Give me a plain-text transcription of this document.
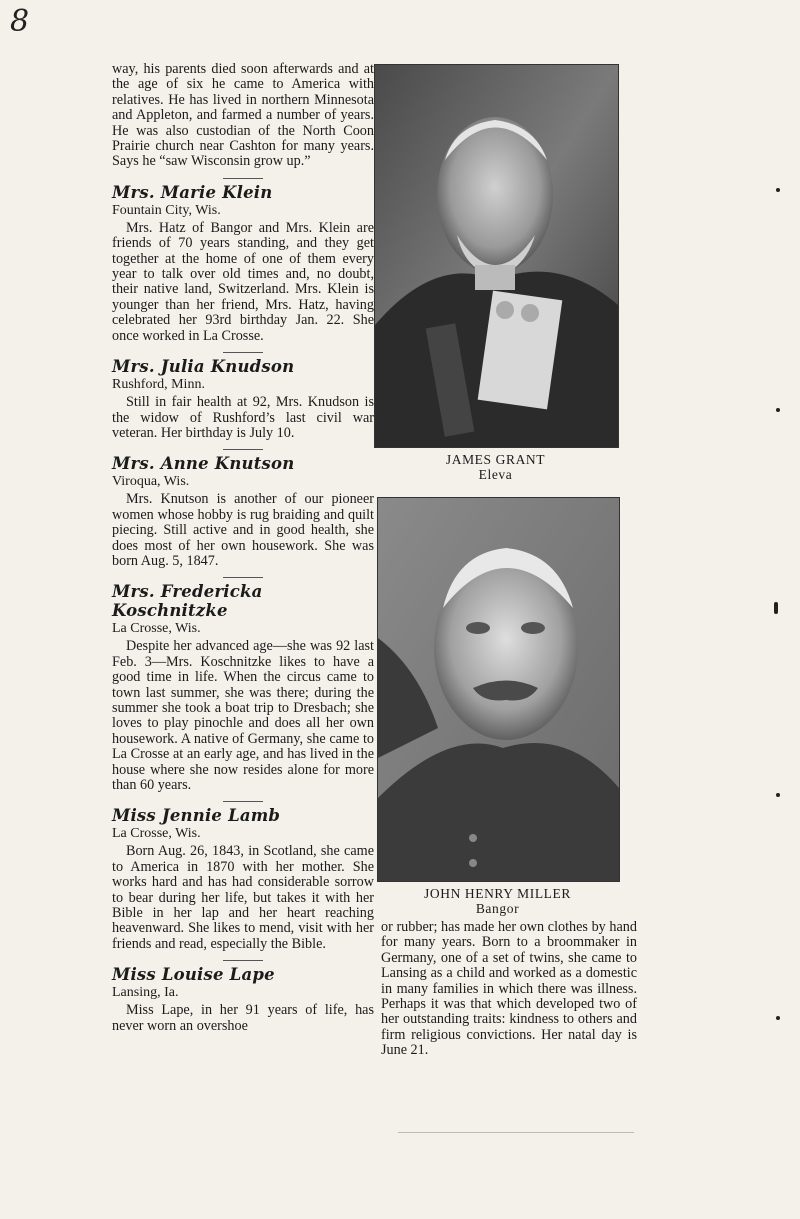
8

way, his parents died soon afterwards and at the age of six he came to America with relatives. He has lived in northern Minnesota and Appleton, and farmed a number of years. He was also custodian of the North Coon Prairie church near Cashton for many years. Says he “saw Wisconsin grow up.”

Mrs. Marie Klein
Fountain City, Wis.

Mrs. Hatz of Bangor and Mrs. Klein are friends of 70 years standing, and they get together at the home of one of them every year to talk over old times and, no doubt, their native land, Switzerland. Mrs. Klein is younger than her friend, Mrs. Hatz, having celebrated her 93rd birthday Jan. 22. She once worked in La Crosse.

Mrs. Julia Knudson
Rushford, Minn.

Still in fair health at 92, Mrs. Knudson is the widow of Rushford’s last civil war veteran. Her birthday is July 10.

Mrs. Anne Knutson
Viroqua, Wis.

Mrs. Knutson is another of our pioneer women whose hobby is rug braiding and quilt piecing. Still active and in good health, she does most of her own housework. She was born Aug. 5, 1847.

Mrs. Fredericka Koschnitzke
La Crosse, Wis.

Despite her advanced age—she was 92 last Feb. 3—Mrs. Koschnitzke likes to have a good time in life. When the circus came to town last summer, she was there; during the summer she took a boat trip to Dresbach; she loves to play pinochle and does all her own housework. A native of Germany, she came to La Crosse at an early age, and has lived in the house where she now resides alone for more than 60 years.

Miss Jennie Lamb
La Crosse, Wis.

Born Aug. 26, 1843, in Scotland, she came to America in 1870 with her mother. She works hard and has had considerable sorrow to bear during her life, but takes it with her Bible in her lap and her heart reaching heavenward. She likes to mend, visit with her friends and read, especially the Bible.

Miss Louise Lape
Lansing, Ia.

Miss Lape, in her 91 years of life, has never worn an overshoe

JAMES GRANT
Eleva
JOHN HENRY MILLER
Bangor

or rubber; has made her own clothes by hand for many years. Born to a broommaker in Germany, one of a set of twins, she came to Lansing as a child and worked as a domestic in many families in which there was illness. Perhaps it was that which developed two of her outstanding traits: kindness to others and firm religious convictions. Her natal day is June 21.
